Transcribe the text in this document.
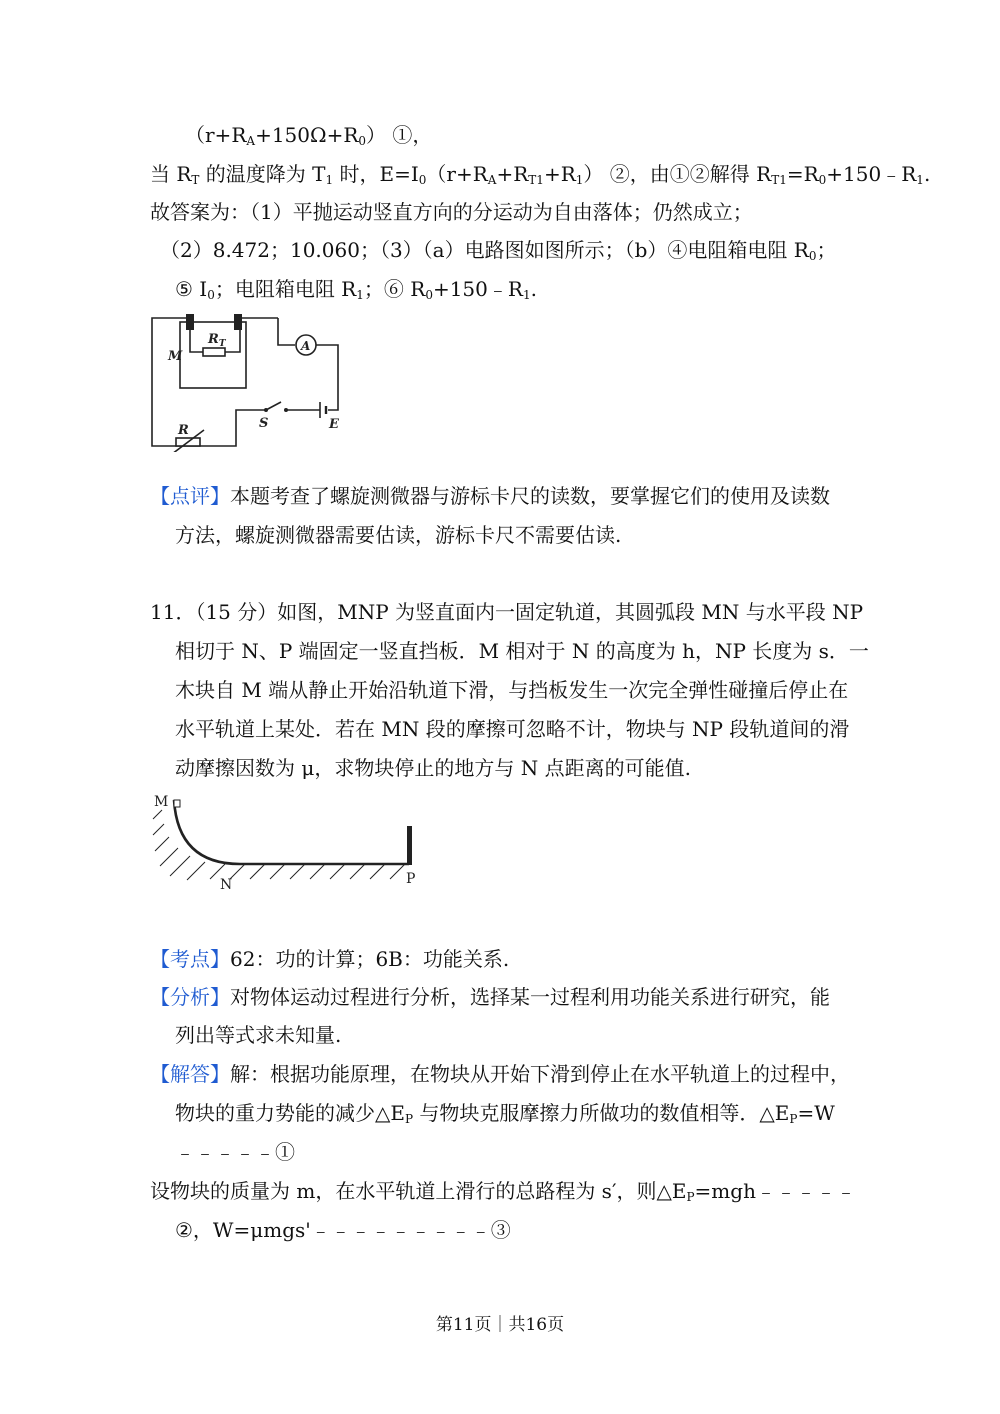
$(r+R_A+150\Omega+R_0)$ ①，
当 $R_T$ 的温度降为 $T_1$ 时，$E=I_0(r+R_A+R_{T1}+R_1)$ ②，由①②解得 $R_{T1}=R_0+150﹣R_1$.
故答案为：（1）平抛运动竖直方向的分运动为自由落体；仍然成立；
（2）8.472；10.060；（3）（a）电路图如图所示；（b）④电阻箱电阻 $R_0$；
⑤ $I_0$；电阻箱电阻 $R_1$；⑥ $R_0+150﹣R_1$.
M
$R_T$	A
S	E
R
【点评】本题考查了螺旋测微器与游标卡尺的读数，要掌握它们的使用及读数
方法，螺旋测微器需要估读，游标卡尺不需要估读.
11．（15 分）如图，MNP 为竖直面内一固定轨道，其圆弧段 MN 与水平段 NP
相切于 N、P 端固定一竖直挡板．M 相对于 N 的高度为 h，NP 长度为 s．一
木块自 M 端从静止开始沿轨道下滑，与挡板发生一次完全弹性碰撞后停止在
水平轨道上某处．若在 MN 段的摩擦可忽略不计，物块与 NP 段轨道间的滑
动摩擦因数为 μ，求物块停止的地方与 N 点距离的可能值.
M
N	P
【考点】62：功的计算；6B：功能关系.
【分析】对物体运动过程进行分析，选择某一过程利用功能关系进行研究，能
列出等式求未知量.
【解答】解：根据功能原理，在物块从开始下滑到停止在水平轨道上的过程中，
物块的重力势能的减少$\triangle E_P$ 与物块克服摩擦力所做功的数值相等．$\triangle E_P=W$
﹣﹣﹣﹣﹣①
设物块的质量为 m，在水平轨道上滑行的总路程为 s′，则$\triangle E_P=mgh﹣﹣﹣﹣﹣$
②，W=μmgs'﹣﹣﹣﹣﹣﹣﹣﹣﹣③
第11页｜共16页
